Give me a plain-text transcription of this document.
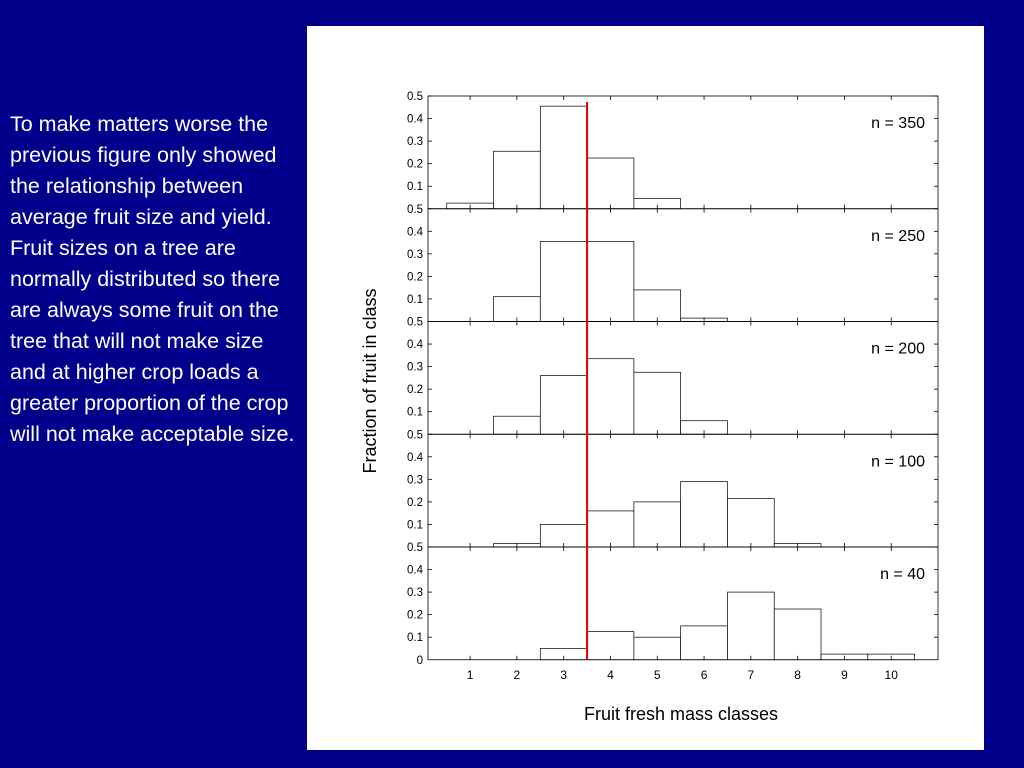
To make matters worse the previous figure only showed the relationship between average fruit size and yield.  Fruit sizes on a tree are normally distributed so there are always some fruit on the tree that will not make size and at higher crop loads a greater proportion of the crop will not make acceptable size.
Fruit fresh mass classes
Fraction of fruit in class
0.1
0.2
0.3
0.4
0.5
n = 350
0.1
0.2
0.3
0.4
0.5
n = 250
0.1
0.2
0.3
0.4
0.5
n = 200
0.1
0.2
0.3
0.4
0.5
n = 100
0.1
0.2
0.3
0.4
0.5
n = 40
0
1	2	3	4	5	6	7	8	9	10
